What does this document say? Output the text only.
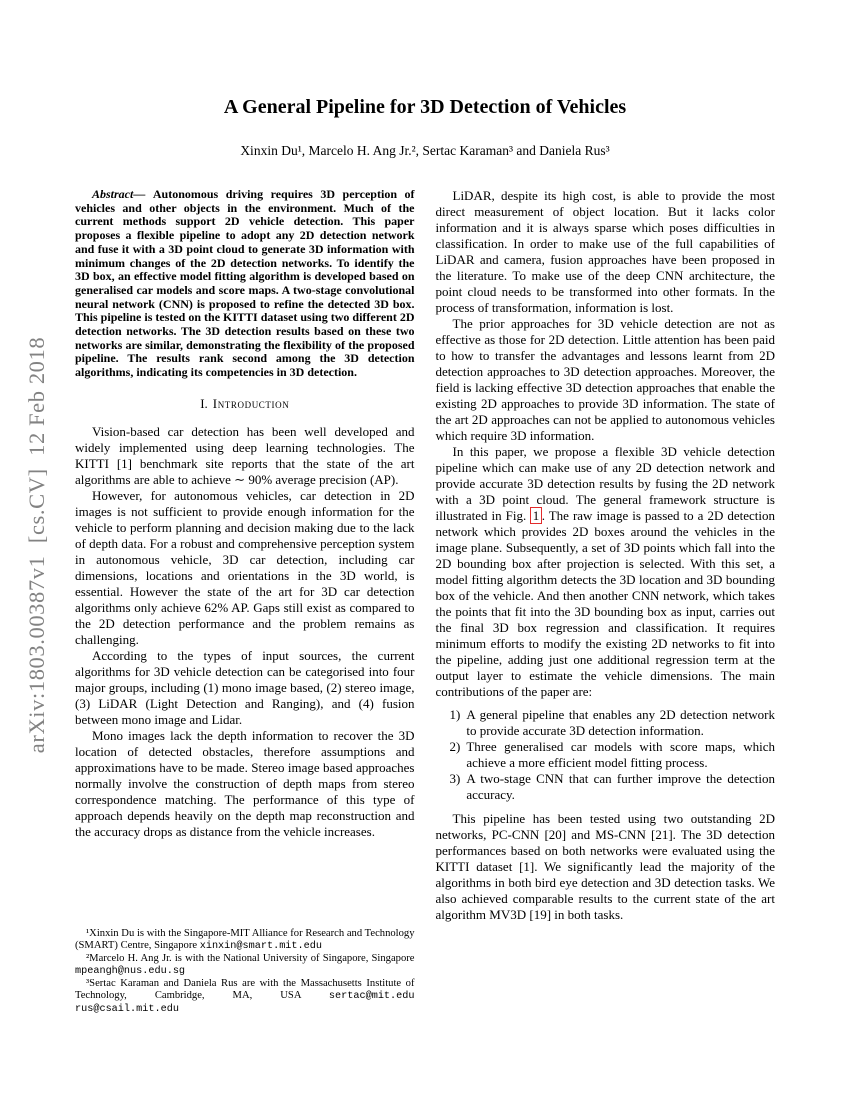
arXiv:1803.00387v1  [cs.CV]  12 Feb 2018
A General Pipeline for 3D Detection of Vehicles
Xinxin Du¹, Marcelo H. Ang Jr.², Sertac Karaman³ and Daniela Rus³

Abstract— Autonomous driving requires 3D perception of vehicles and other objects in the environment. Much of the current methods support 2D vehicle detection. This paper proposes a flexible pipeline to adopt any 2D detection network and fuse it with a 3D point cloud to generate 3D information with minimum changes of the 2D detection networks. To identify the 3D box, an effective model fitting algorithm is developed based on generalised car models and score maps. A two-stage convolutional neural network (CNN) is proposed to refine the detected 3D box. This pipeline is tested on the KITTI dataset using two different 2D detection networks. The 3D detection results based on these two networks are similar, demonstrating the flexibility of the proposed pipeline. The results rank second among the 3D detection algorithms, indicating its competencies in 3D detection.

I. Introduction

Vision-based car detection has been well developed and widely implemented using deep learning technologies. The KITTI [1] benchmark site reports that the state of the art algorithms are able to achieve ∼ 90% average precision (AP).

However, for autonomous vehicles, car detection in 2D images is not sufficient to provide enough information for the vehicle to perform planning and decision making due to the lack of depth data. For a robust and comprehensive perception system in autonomous vehicle, 3D car detection, including car dimensions, locations and orientations in the 3D world, is essential. However the state of the art for 3D car detection algorithms only achieve 62% AP. Gaps still exist as compared to the 2D detection performance and the problem remains as challenging.

According to the types of input sources, the current algorithms for 3D vehicle detection can be categorised into four major groups, including (1) mono image based, (2) stereo image, (3) LiDAR (Light Detection and Ranging), and (4) fusion between mono image and Lidar.

Mono images lack the depth information to recover the 3D location of detected obstacles, therefore assumptions and approximations have to be made. Stereo image based approaches normally involve the construction of depth maps from stereo correspondence matching. The performance of this type of approach depends heavily on the depth map reconstruction and the accuracy drops as distance from the vehicle increases.

¹Xinxin Du is with the Singapore-MIT Alliance for Research and Technology (SMART) Centre, Singapore xinxin@smart.mit.edu

²Marcelo H. Ang Jr. is with the National University of Singapore, Singapore mpeangh@nus.edu.sg

³Sertac Karaman and Daniela Rus are with the Massachusetts Institute of Technology, Cambridge, MA, USA sertac@mit.edu rus@csail.mit.edu

LiDAR, despite its high cost, is able to provide the most direct measurement of object location. But it lacks color information and it is always sparse which poses difficulties in classification. In order to make use of the full capabilities of LiDAR and camera, fusion approaches have been proposed in the literature. To make use of the deep CNN architecture, the point cloud needs to be transformed into other formats. In the process of transformation, information is lost.

The prior approaches for 3D vehicle detection are not as effective as those for 2D detection. Little attention has been paid to how to transfer the advantages and lessons learnt from 2D detection approaches to 3D detection approaches. Moreover, the field is lacking effective 3D detection approaches that enable the existing 2D approaches to provide 3D information. The state of the art 2D approaches can not be applied to autonomous vehicles which require 3D information.

In this paper, we propose a flexible 3D vehicle detection pipeline which can make use of any 2D detection network and provide accurate 3D detection results by fusing the 2D network with a 3D point cloud. The general framework structure is illustrated in Fig. 1 . The raw image is passed to a 2D detection network which provides 2D boxes around the vehicles in the image plane. Subsequently, a set of 3D points which fall into the 2D bounding box after projection is selected. With this set, a model fitting algorithm detects the 3D location and 3D bounding box of the vehicle. And then another CNN network, which takes the points that fit into the 3D bounding box as input, carries out the final 3D box regression and classification. It requires minimum efforts to modify the existing 2D networks to fit into the pipeline, adding just one additional regression term at the output layer to estimate the vehicle dimensions. The main contributions of the paper are:

1) A general pipeline that enables any 2D detection network to provide accurate 3D detection information.
2) Three generalised car models with score maps, which achieve a more efficient model fitting process.
3) A two-stage CNN that can further improve the detection accuracy.

This pipeline has been tested using two outstanding 2D networks, PC-CNN [20] and MS-CNN [21]. The 3D detection performances based on both networks were evaluated using the KITTI dataset [1]. We significantly lead the majority of the algorithms in both bird eye detection and 3D detection tasks. We also achieved comparable results to the current state of the art algorithm MV3D [19] in both tasks.
